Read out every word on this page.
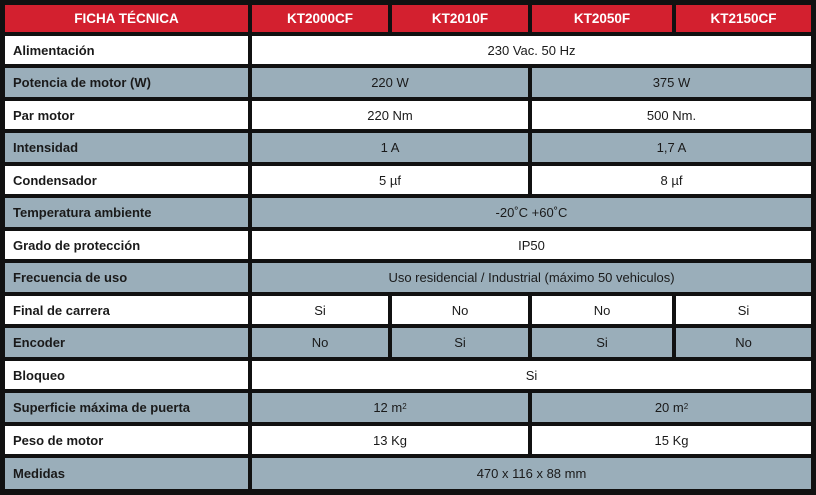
FICHA TÉCNICA	KT2000CF	KT2010F	KT2050F	KT2150CF
Alimentación	230 Vac. 50 Hz
Potencia de motor (W)	220 W	375 W
Par motor	220 Nm	500 Nm.
Intensidad	1 A	1,7 A
Condensador	5 µf	8 µf
Temperatura ambiente	-20˚C +60˚C
Grado de protección	IP50
Frecuencia de uso	Uso residencial / Industrial (máximo 50 vehiculos)
Final de carrera	Si	No	No	Si
Encoder	No	Si	Si	No
Bloqueo	Si
Superficie máxima de puerta	12 $m^2$	20 $m^2$
Peso de motor	13 Kg	15 Kg
Medidas	470 x 116 x 88 mm
